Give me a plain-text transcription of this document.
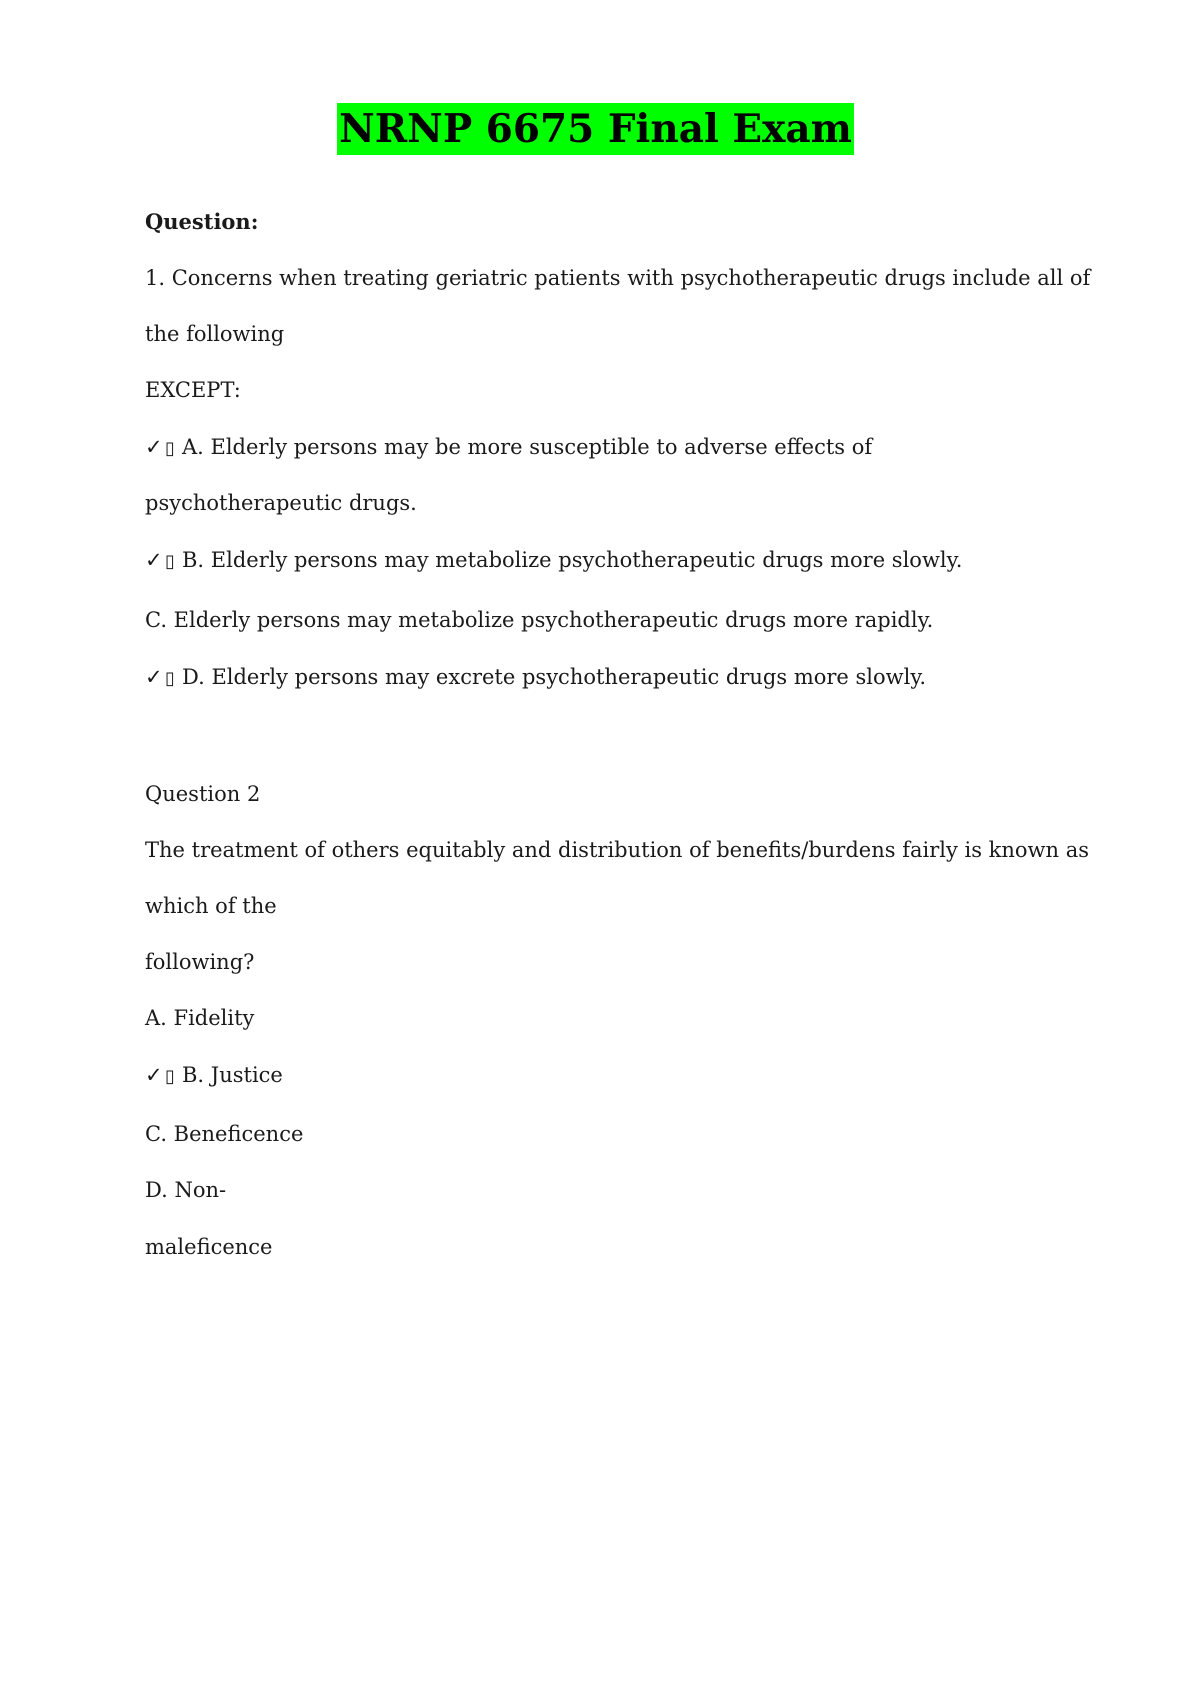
NRNP 6675 Final Exam

Question:

1. Concerns when treating geriatric patients with psychotherapeutic drugs include all of

the following

EXCEPT:

✓ ▯ A. Elderly persons may be more susceptible to adverse effects of

psychotherapeutic drugs.

✓ ▯ B. Elderly persons may metabolize psychotherapeutic drugs more slowly.

C. Elderly persons may metabolize psychotherapeutic drugs more rapidly.

✓ ▯ D. Elderly persons may excrete psychotherapeutic drugs more slowly.

Question 2

The treatment of others equitably and distribution of benefits/burdens fairly is known as

which of the

following?

A. Fidelity

✓ ▯ B. Justice

C. Beneficence

D. Non-

maleficence
